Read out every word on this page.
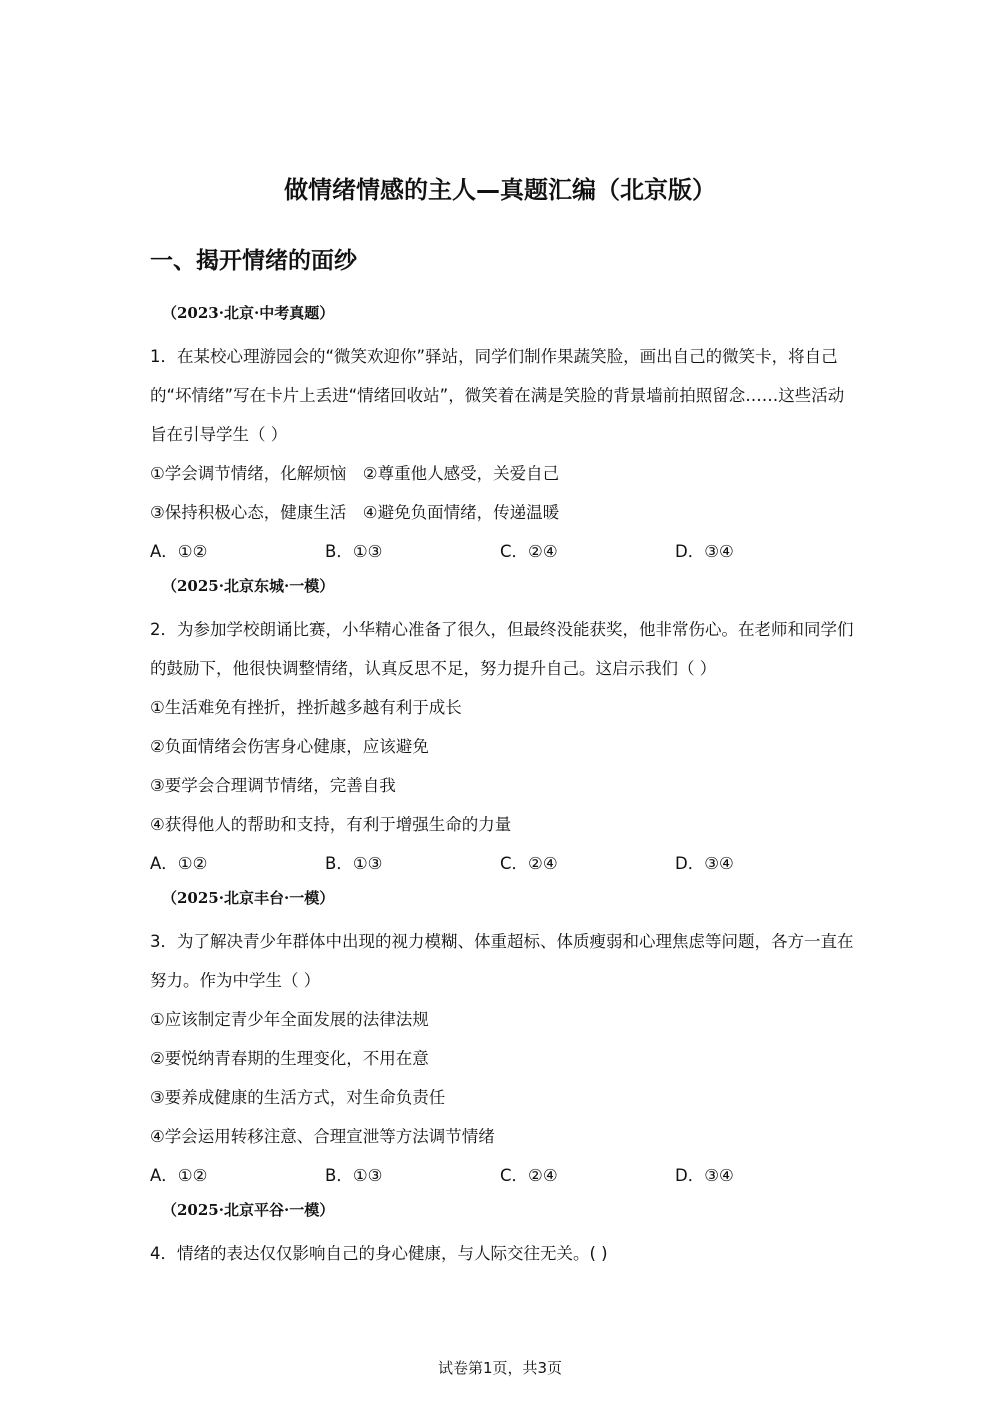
做情绪情感的主人—真题汇编（北京版）
一、揭开情绪的面纱
（2023·北京·中考真题）
1．在某校心理游园会的“微笑欢迎你”驿站，同学们制作果蔬笑脸，画出自己的微笑卡，将自己的“坏情绪”写在卡片上丢进“情绪回收站”，微笑着在满是笑脸的背景墙前拍照留念……这些活动旨在引导学生（ ）
①学会调节情绪，化解烦恼　②尊重他人感受，关爱自己
③保持积极心态，健康生活　④避免负面情绪，传递温暖
A．①②	B．①③	C．②④	D．③④
（2025·北京东城·一模）
2．为参加学校朗诵比赛，小华精心准备了很久，但最终没能获奖，他非常伤心。在老师和同学们的鼓励下，他很快调整情绪，认真反思不足，努力提升自己。这启示我们（ ）
①生活难免有挫折，挫折越多越有利于成长
②负面情绪会伤害身心健康，应该避免
③要学会合理调节情绪，完善自我
④获得他人的帮助和支持，有利于增强生命的力量
A．①②	B．①③	C．②④	D．③④
（2025·北京丰台·一模）
3．为了解决青少年群体中出现的视力模糊、体重超标、体质瘦弱和心理焦虑等问题，各方一直在努力。作为中学生（ ）
①应该制定青少年全面发展的法律法规
②要悦纳青春期的生理变化，不用在意
③要养成健康的生活方式，对生命负责任
④学会运用转移注意、合理宣泄等方法调节情绪
A．①②	B．①③	C．②④	D．③④
（2025·北京平谷·一模）
4．情绪的表达仅仅影响自己的身心健康，与人际交往无关。( )
试卷第1页，共3页
